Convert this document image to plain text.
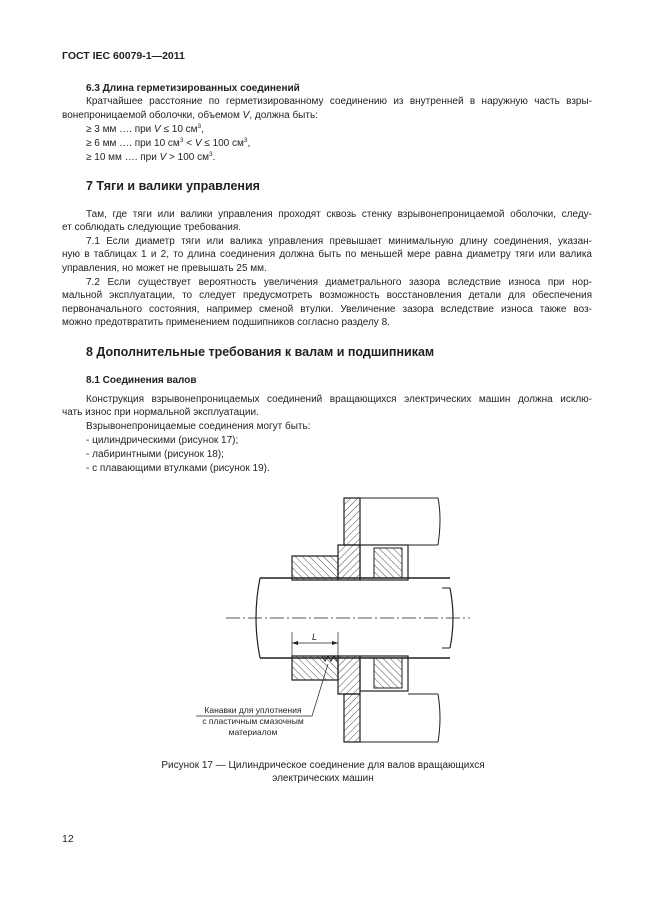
ГОСТ IEC 60079-1—2011
6.3 Длина герметизированных соединений
Кратчайшее расстояние по герметизированному соединению из внутренней в наружную часть взры-
вонепроницаемой оболочки, объемом V, должна быть:
≥ 3 мм …. при V ≤ 10 $см^3$,
≥ 6 мм …. при 10 $см^3 < V \le 100$ $см^3$,
≥ 10 мм …. при V > 100 $см^3$.
7 Тяги и валики управления
Там, где тяги или валики управления проходят сквозь стенку взрывонепроницаемой оболочки, следу-
ет соблюдать следующие требования.
7.1 Если диаметр тяги или валика управления превышает минимальную длину соединения, указан-
ную в таблицах 1 и 2, то длина соединения должна быть по меньшей мере равна диаметру тяги или валика
управления, но может не превышать 25 мм.
7.2 Если существует вероятность увеличения диаметрального зазора вследствие износа при нор-
мальной эксплуатации, то следует предусмотреть возможность восстановления детали для обеспечения
первоначального состояния, например сменой втулки. Увеличение зазора вследствие износа также воз-
можно предотвратить применением подшипников согласно разделу 8.
8 Дополнительные требования к валам и подшипникам
8.1 Соединения валов
Конструкция взрывонепроницаемых соединений вращающихся электрических машин должна исклю-
чать износ при нормальной эксплуатации.
Взрывонепроницаемые соединения могут быть:
- цилиндрическими (рисунок 17);
- лабиринтными (рисунок 18);
- с плавающими втулками (рисунок 19).
L
Канавки для уплотнения
с пластичным смазочным
материалом
Рисунок 17 — Цилиндрическое соединение для валов вращающихся
электрических машин
12
